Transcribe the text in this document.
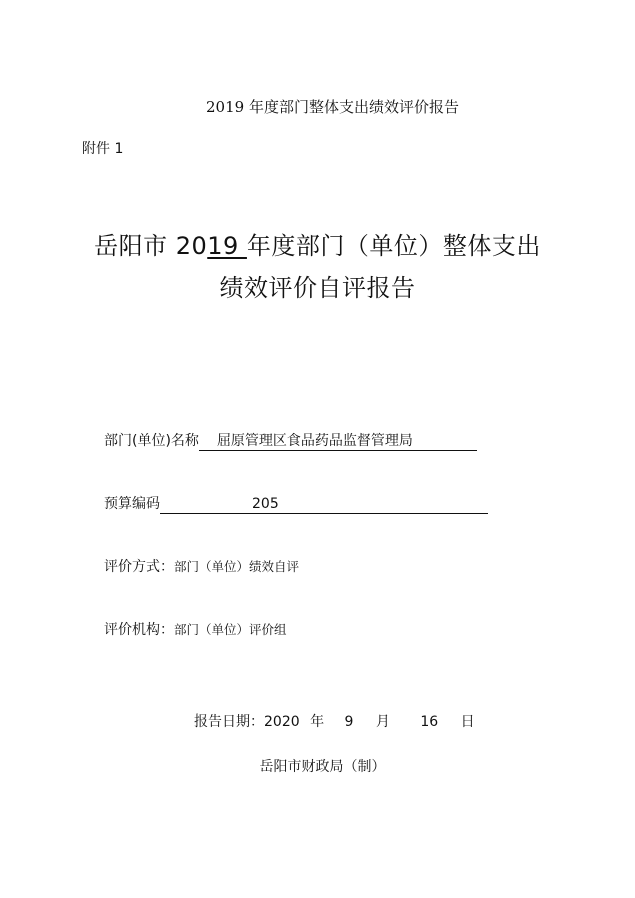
2019 年度部门整体支出绩效评价报告
附件 1
岳阳市 2019 年度部门（单位）整体支出
绩效评价自评报告
部门(单位)名称 屈原管理区食品药品监督管理局
预算编码	205
评价方式：部门（单位）绩效自评
评价机构：部门（单位）评价组
报告日期：2020 年 9 月 16 日
岳阳市财政局（制）
